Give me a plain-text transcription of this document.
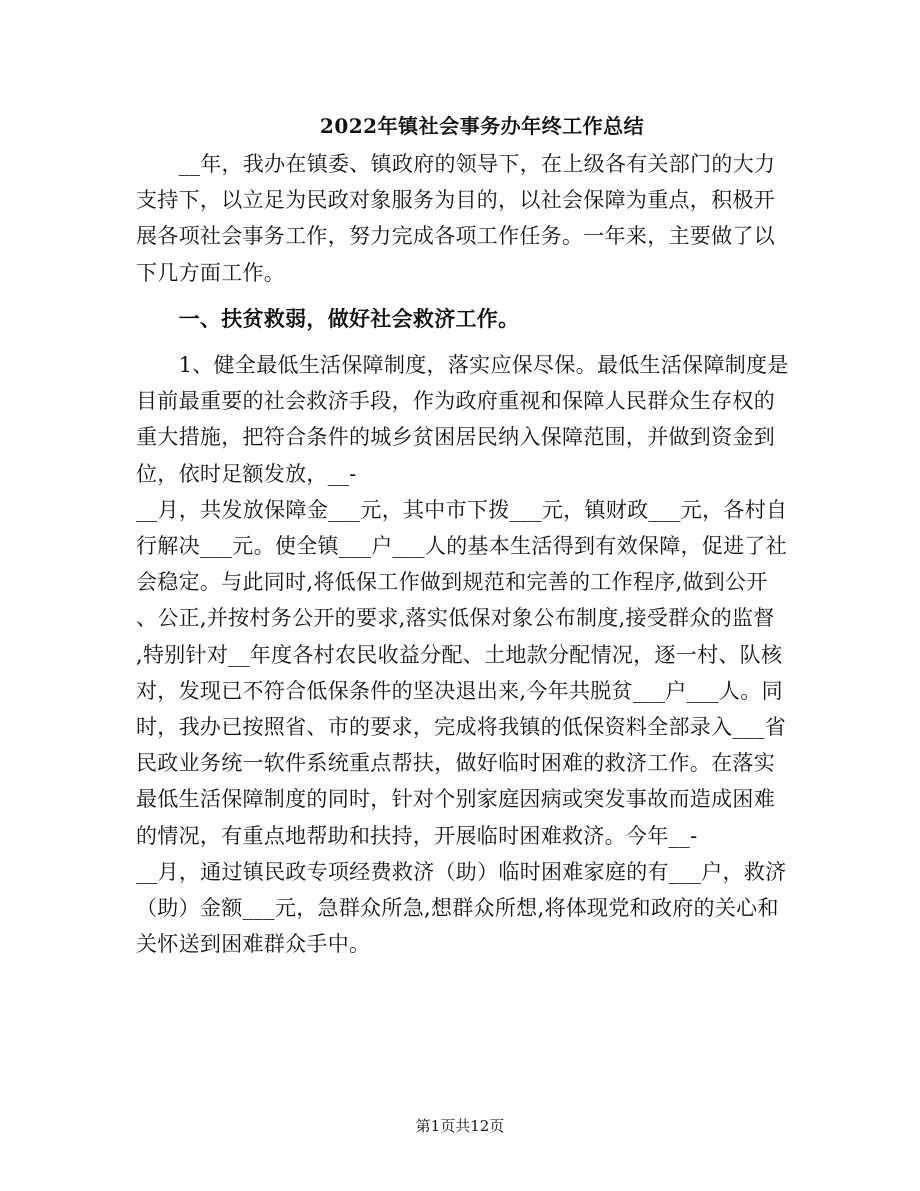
2022年镇社会事务办年终工作总结
　　__年，我办在镇委、镇政府的领导下，在上级各有关部门的大力
支持下，以立足为民政对象服务为目的，以社会保障为重点，积极开
展各项社会事务工作，努力完成各项工作任务。一年来，主要做了以
下几方面工作。
　　一、扶贫救弱，做好社会救济工作。
　　1、健全最低生活保障制度，落实应保尽保。最低生活保障制度是
目前最重要的社会救济手段，作为政府重视和保障人民群众生存权的
重大措施，把符合条件的城乡贫困居民纳入保障范围，并做到资金到
位，依时足额发放，__-
__月，共发放保障金___元，其中市下拨___元，镇财政___元，各村自
行解决___元。使全镇___户___人的基本生活得到有效保障，促进了社
会稳定。与此同时,将低保工作做到规范和完善的工作程序,做到公开
、公正,并按村务公开的要求,落实低保对象公布制度,接受群众的监督
,特别针对__年度各村农民收益分配、土地款分配情况，逐一村、队核
对，发现已不符合低保条件的坚决退出来,今年共脱贫___户___人。同
时，我办已按照省、市的要求，完成将我镇的低保资料全部录入___省
民政业务统一软件系统重点帮扶，做好临时困难的救济工作。在落实
最低生活保障制度的同时，针对个别家庭因病或突发事故而造成困难
的情况，有重点地帮助和扶持，开展临时困难救济。今年__-
__月，通过镇民政专项经费救济（助）临时困难家庭的有___户，救济
（助）金额___元，急群众所急,想群众所想,将体现党和政府的关心和
关怀送到困难群众手中。
第1页共12页
